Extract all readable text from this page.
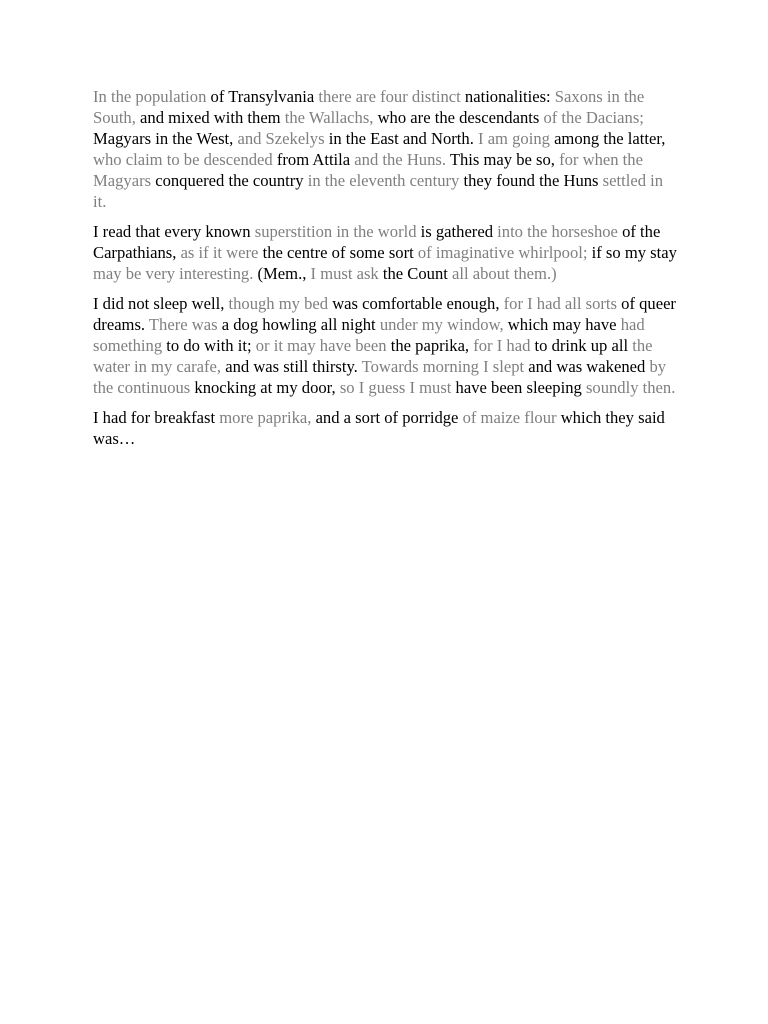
In the population of Transylvania there are four distinct nationalities: Saxons in the South, and mixed with them the Wallachs, who are the descendants of the Dacians; Magyars in the West, and Szekelys in the East and North. I am going among the latter, who claim to be descended from Attila and the Huns. This may be so, for when the Magyars conquered the country in the eleventh century they found the Huns settled in it.

I read that every known superstition in the world is gathered into the horseshoe of the Carpathians, as if it were the centre of some sort of imaginative whirlpool; if so my stay may be very interesting. (Mem., I must ask the Count all about them.)

I did not sleep well, though my bed was comfortable enough, for I had all sorts of queer dreams. There was a dog howling all night under my window, which may have had something to do with it; or it may have been the paprika, for I had to drink up all the water in my carafe, and was still thirsty. Towards morning I slept and was wakened by the continuous knocking at my door, so I guess I must have been sleeping soundly then.

I had for breakfast more paprika, and a sort of porridge of maize flour which they said was…
